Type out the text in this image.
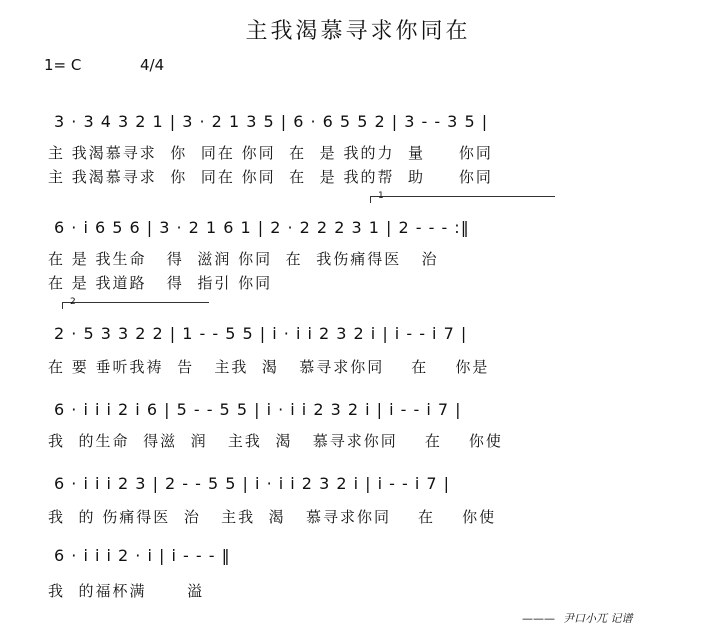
主我渴慕寻求你同在
1= C	4/4
3 · 3 4 3 2 1 | 3 · 2 1 3 5 | 6 · 6 5 5 2 | 3 - - 3 5 |
主 我渴慕寻求  你  同在 你同  在  是 我的力  量     你同
主 我渴慕寻求  你  同在 你同  在  是 我的帮  助     你同
1
6 · i 6 5 6 | 3 · 2 1 6 1 | 2 · 2 2 2 3 1 | 2 - - - :‖
在 是 我生命   得  滋润 你同  在  我伤痛得医   治
在 是 我道路   得  指引 你同
2
2 · 5 3 3 2 2 | 1 - - 5 5 | i · i i 2 3 2 i | i - - i 7 |
在 要 垂听我祷  告   主我  渴   慕寻求你同    在    你是
6 · i i i 2 i 6 | 5 - - 5 5 | i · i i 2 3 2 i | i - - i 7 |
我  的生命  得滋  润   主我  渴   慕寻求你同    在    你使
6 · i i i 2 3 | 2 - - 5 5 | i · i i 2 3 2 i | i - - i 7 |
我  的 伤痛得医  治   主我  渴   慕寻求你同    在    你使
6 · i i i 2 · i | i - - - ‖
我  的福杯满      溢
——— 尹口小兀 记谱
